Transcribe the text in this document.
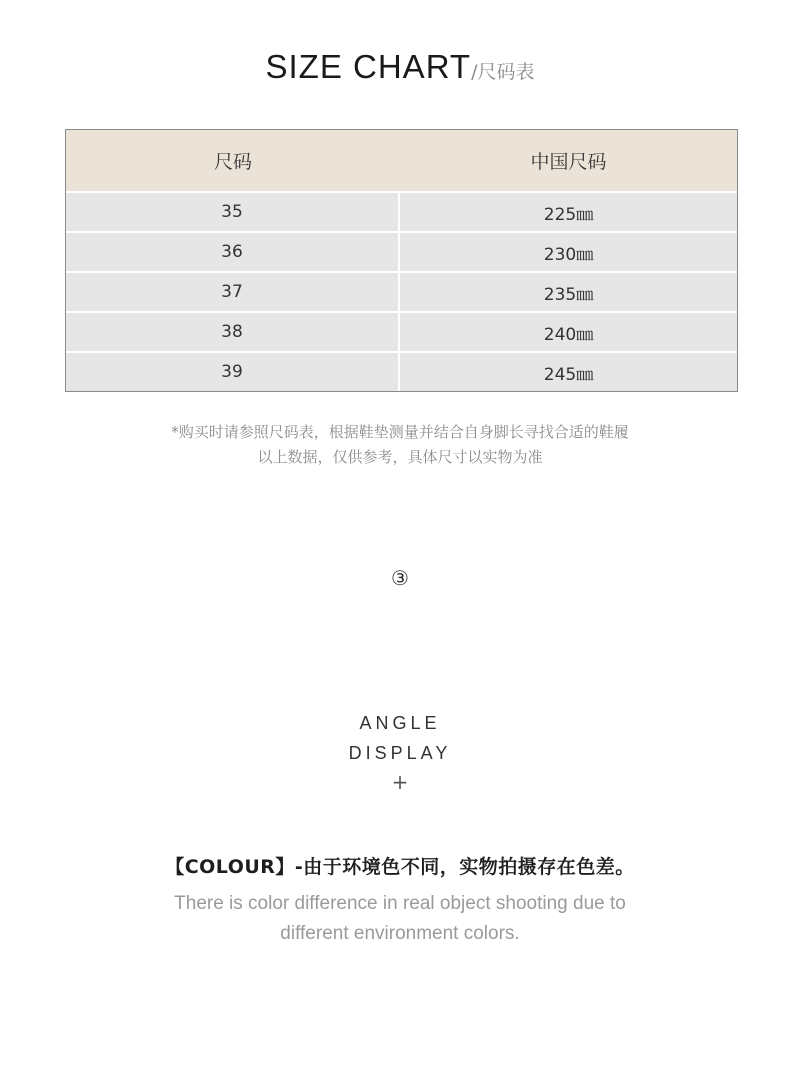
SIZE CHART/尺码表
尺码	中国尺码
35	225㎜
36	230㎜
37	235㎜
38	240㎜
39	245㎜
*购买时请参照尺码表，根据鞋垫测量并结合自身脚长寻找合适的鞋履
以上数据，仅供参考，具体尺寸以实物为准
③
ANGLE
DISPLAY
+
【COLOUR】-由于环境色不同，实物拍摄存在色差。
There is color difference in real object shooting due to
different environment colors.
